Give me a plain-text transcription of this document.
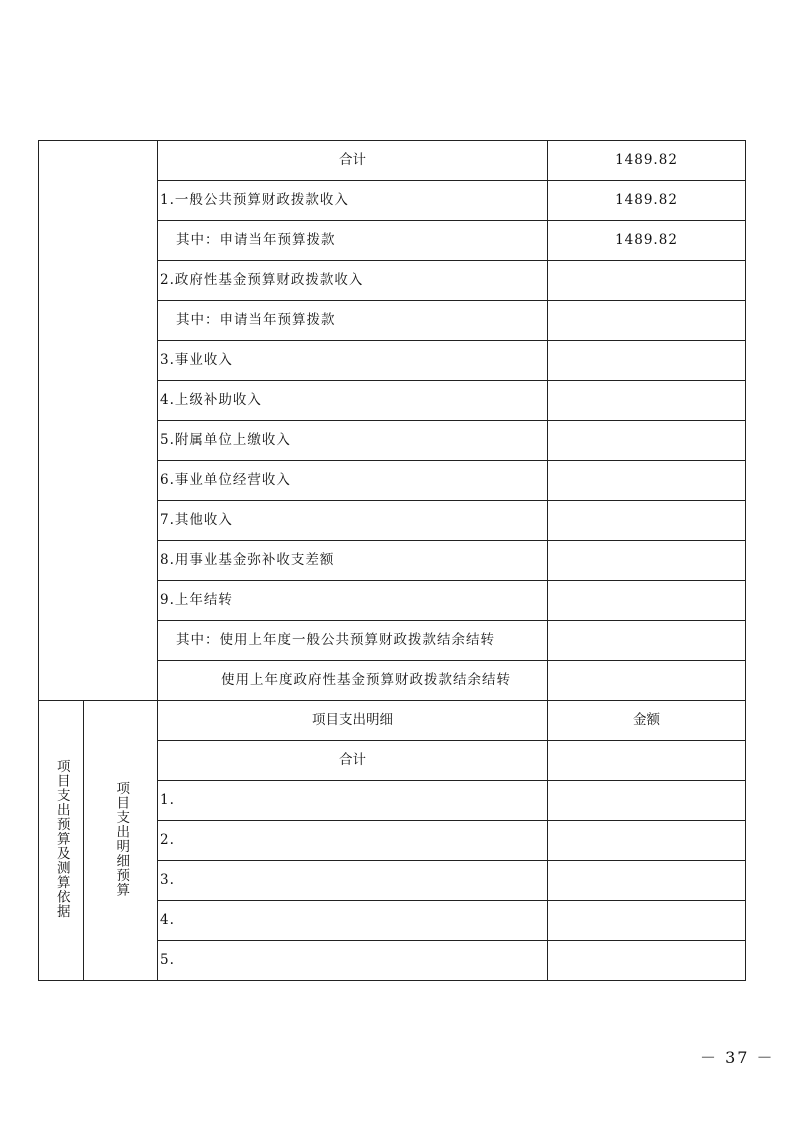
		合计	1489.82
		1.一般公共预算财政拨款收入	1489.82
		其中：申请当年预算拨款	1489.82
		2.政府性基金预算财政拨款收入	
		其中：申请当年预算拨款	
		3.事业收入	
		4.上级补助收入	
		5.附属单位上缴收入	
		6.事业单位经营收入	
		7.其他收入	
		8.用事业基金弥补收支差额	
		9.上年结转	
		其中：使用上年度一般公共预算财政拨款结余结转	
		使用上年度政府性基金预算财政拨款结余结转	
项目支出预算及测算依据	项目支出明细预算	项目支出明细	金额
		合计	
		1.	
		2.	
		3.	
		4.	
		5.	
－ 37 －
